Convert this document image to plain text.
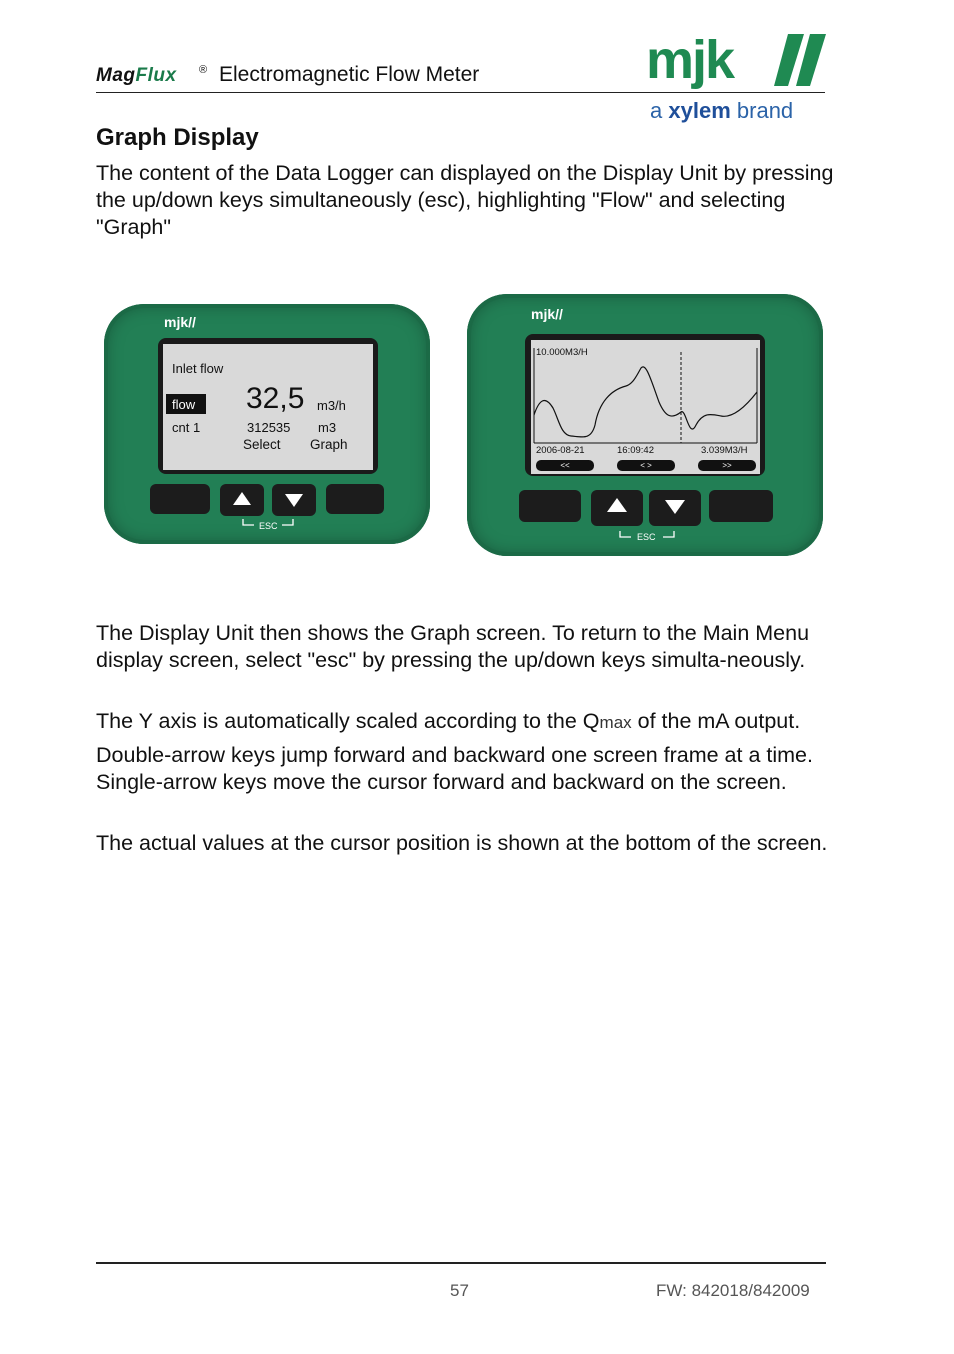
MagFlux ® Electromagnetic Flow Meter	mjk
a xylem brand
Graph Display

The content of the Data Logger can displayed on the Display Unit by pressing the up/down keys simultaneously (esc), highlighting "Flow" and selecting "Graph"

mjk//
Inlet flow
flow 32,5 m3/h
cnt 1	312535 m3
Select Graph
ESC
mjk//
10.000M3/H
2006-08-21	16:09:42	3.039M3/H
<<	< >	>>
ESC

The Display Unit then shows the Graph screen. To return to the Main Menu display screen, select "esc" by pressing the up/down keys simulta-neously.

The Y axis is automatically scaled according to the Qmax of the mA output.

Double-arrow keys jump forward and backward one screen frame at a time. Single-arrow keys move the cursor forward and backward on the screen.

The actual values at the cursor position is shown at the bottom of the screen.

57	FW: 842018/842009
